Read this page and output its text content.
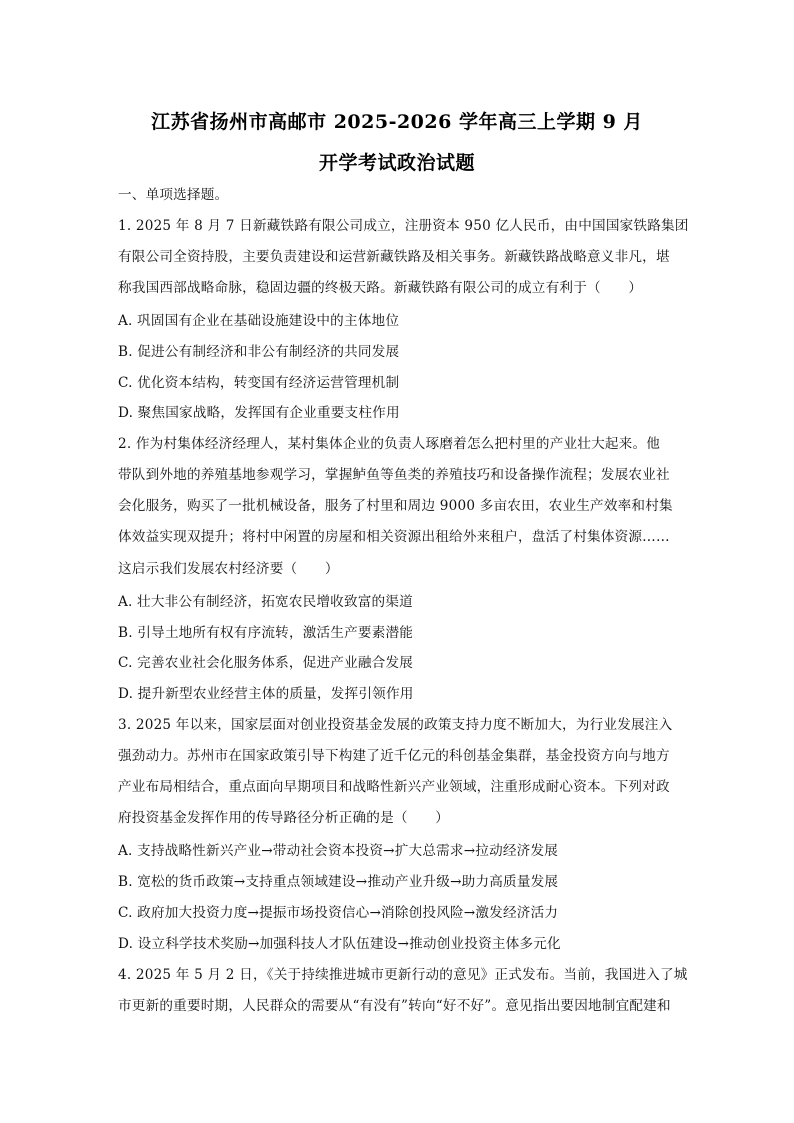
江苏省扬州市高邮市 2025-2026 学年高三上学期 9 月
开学考试政治试题
一、单项选择题。
1. 2025 年 8 月 7 日新藏铁路有限公司成立，注册资本 950 亿人民币，由中国国家铁路集团
有限公司全资持股，主要负责建设和运营新藏铁路及相关事务。新藏铁路战略意义非凡，堪
称我国西部战略命脉，稳固边疆的终极天路。新藏铁路有限公司的成立有利于（　　）
A. 巩固国有企业在基础设施建设中的主体地位
B. 促进公有制经济和非公有制经济的共同发展
C. 优化资本结构，转变国有经济运营管理机制
D. 聚焦国家战略，发挥国有企业重要支柱作用
2. 作为村集体经济经理人，某村集体企业的负责人琢磨着怎么把村里的产业壮大起来。他
带队到外地的养殖基地参观学习，掌握鲈鱼等鱼类的养殖技巧和设备操作流程；发展农业社
会化服务，购买了一批机械设备，服务了村里和周边 9000 多亩农田，农业生产效率和村集
体效益实现双提升；将村中闲置的房屋和相关资源出租给外来租户，盘活了村集体资源……
这启示我们发展农村经济要（　　）
A. 壮大非公有制经济，拓宽农民增收致富的渠道
B. 引导土地所有权有序流转，激活生产要素潜能
C. 完善农业社会化服务体系，促进产业融合发展
D. 提升新型农业经营主体的质量，发挥引领作用
3. 2025 年以来，国家层面对创业投资基金发展的政策支持力度不断加大，为行业发展注入
强劲动力。苏州市在国家政策引导下构建了近千亿元的科创基金集群，基金投资方向与地方
产业布局相结合，重点面向早期项目和战略性新兴产业领域，注重形成耐心资本。下列对政
府投资基金发挥作用的传导路径分析正确的是（　　）
A. 支持战略性新兴产业→带动社会资本投资→扩大总需求→拉动经济发展
B. 宽松的货币政策→支持重点领域建设→推动产业升级→助力高质量发展
C. 政府加大投资力度→提振市场投资信心→消除创投风险→激发经济活力
D. 设立科学技术奖励→加强科技人才队伍建设→推动创业投资主体多元化
4. 2025 年 5 月 2 日，《关于持续推进城市更新行动的意见》正式发布。当前，我国进入了城
市更新的重要时期，人民群众的需要从“有没有”转向“好不好”。意见指出要因地制宜配建和
